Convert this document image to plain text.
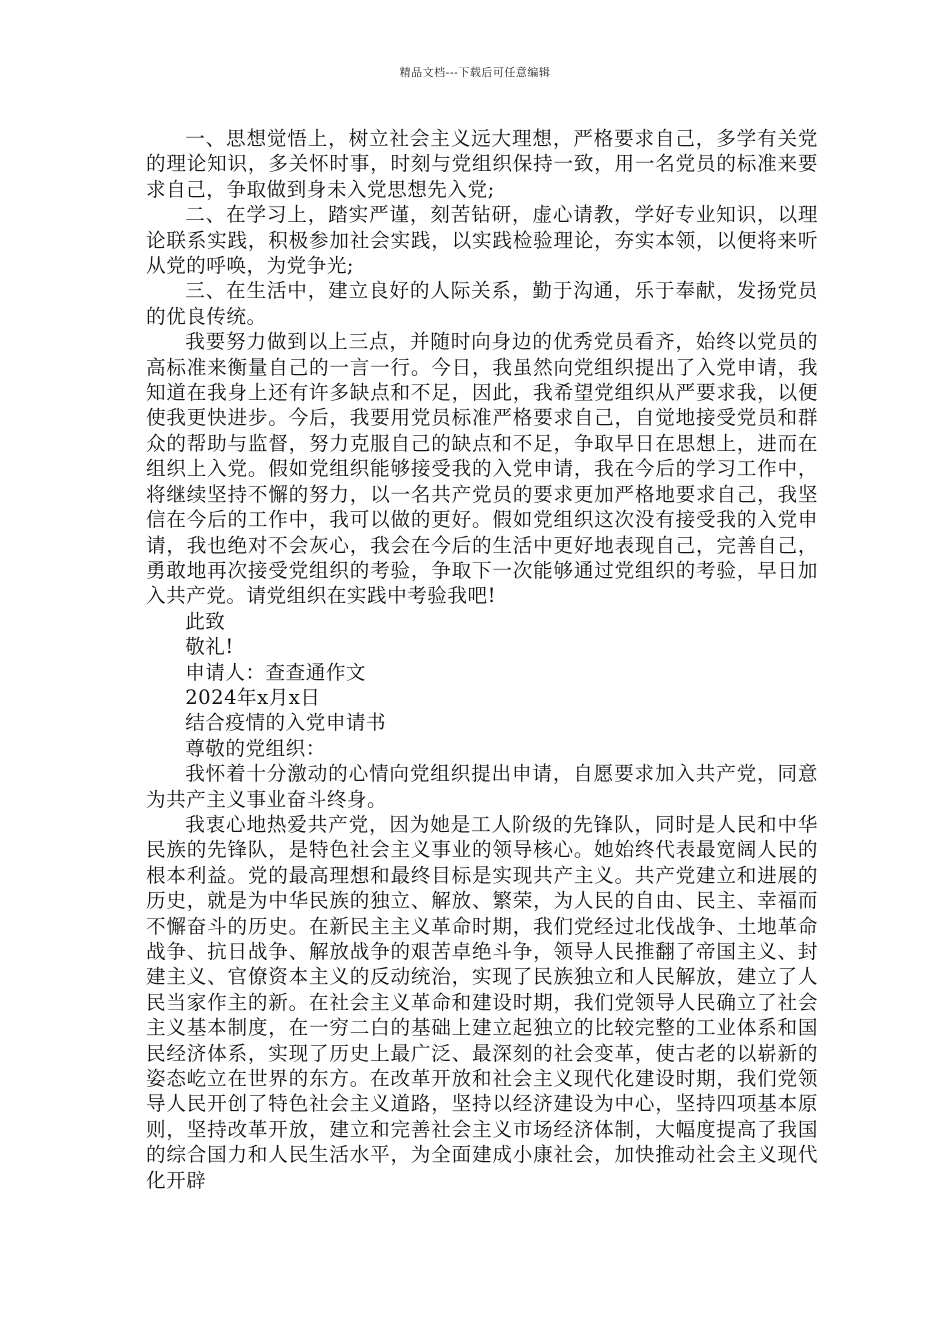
精品文档---下载后可任意编辑

一、思想觉悟上，树立社会主义远大理想，严格要求自己，多学有关党的理论知识，多关怀时事，时刻与党组织保持一致，用一名党员的标准来要求自己，争取做到身未入党思想先入党;

二、在学习上，踏实严谨，刻苦钻研，虚心请教，学好专业知识，以理论联系实践，积极参加社会实践，以实践检验理论，夯实本领，以便将来听从党的呼唤，为党争光;

三、在生活中，建立良好的人际关系，勤于沟通，乐于奉献，发扬党员的优良传统。

我要努力做到以上三点，并随时向身边的优秀党员看齐，始终以党员的高标准来衡量自己的一言一行。今日，我虽然向党组织提出了入党申请，我知道在我身上还有许多缺点和不足，因此，我希望党组织从严要求我，以便使我更快进步。今后，我要用党员标准严格要求自己，自觉地接受党员和群众的帮助与监督，努力克服自己的缺点和不足，争取早日在思想上，进而在组织上入党。假如党组织能够接受我的入党申请，我在今后的学习工作中，将继续坚持不懈的努力，以一名共产党员的要求更加严格地要求自己，我坚信在今后的工作中，我可以做的更好。假如党组织这次没有接受我的入党申请，我也绝对不会灰心，我会在今后的生活中更好地表现自己，完善自己，勇敢地再次接受党组织的考验，争取下一次能够通过党组织的考验，早日加入共产党。请党组织在实践中考验我吧!

此致

敬礼!

申请人：查查通作文

2024年x月x日

结合疫情的入党申请书

尊敬的党组织：

我怀着十分激动的心情向党组织提出申请，自愿要求加入共产党，同意为共产主义事业奋斗终身。

我衷心地热爱共产党，因为她是工人阶级的先锋队，同时是人民和中华民族的先锋队，是特色社会主义事业的领导核心。她始终代表最宽阔人民的根本利益。党的最高理想和最终目标是实现共产主义。共产党建立和进展的历史，就是为中华民族的独立、解放、繁荣，为人民的自由、民主、幸福而不懈奋斗的历史。在新民主主义革命时期，我们党经过北伐战争、土地革命战争、抗日战争、解放战争的艰苦卓绝斗争，领导人民推翻了帝国主义、封建主义、官僚资本主义的反动统治，实现了民族独立和人民解放，建立了人民当家作主的新。在社会主义革命和建设时期，我们党领导人民确立了社会主义基本制度，在一穷二白的基础上建立起独立的比较完整的工业体系和国民经济体系，实现了历史上最广泛、最深刻的社会变革，使古老的以崭新的姿态屹立在世界的东方。在改革开放和社会主义现代化建设时期，我们党领导人民开创了特色社会主义道路，坚持以经济建设为中心，坚持四项基本原则，坚持改革开放，建立和完善社会主义市场经济体制，大幅度提高了我国的综合国力和人民生活水平，为全面建成小康社会，加快推动社会主义现代化开辟
